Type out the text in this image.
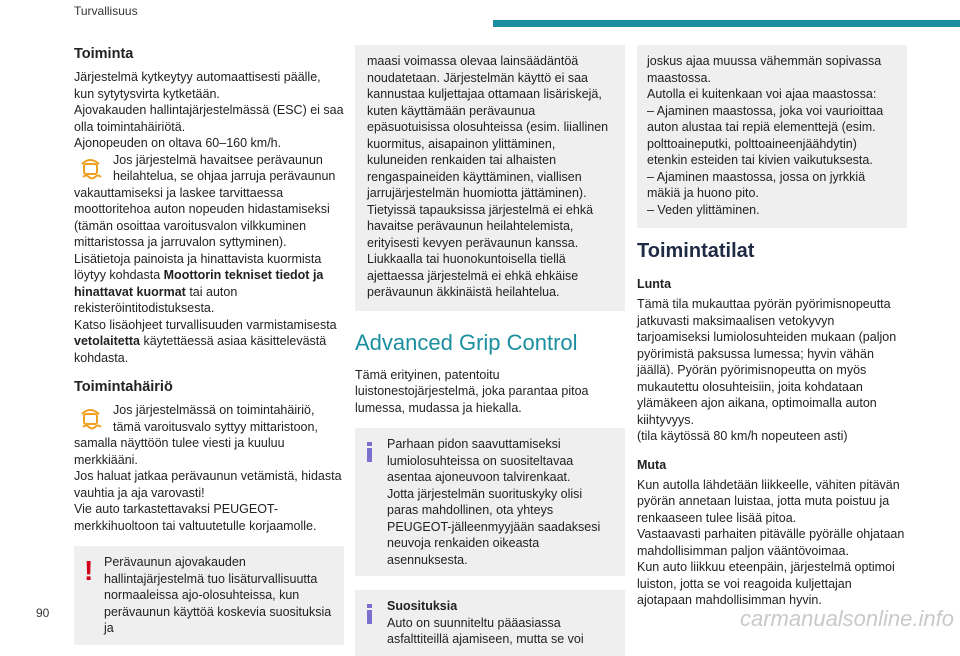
Turvallisuus
Toiminta

Järjestelmä kytkeytyy automaattisesti päälle, kun sytytysvirta kytketään.

Ajovakauden hallintajärjestelmässä (ESC) ei saa olla toimintahäiriötä.

Ajonopeuden on oltava 60–160 km/h.

Jos järjestelmä havaitsee perävaunun heilahtelua, se ohjaa jarruja perävaunun vakauttamiseksi ja laskee tarvittaessa moottoritehoa auton nopeuden hidastamiseksi (tämän osoittaa varoitusvalon vilkkuminen mittaristossa ja jarruvalon syttyminen).

Lisätietoja painoista ja hinattavista kuormista löytyy kohdasta Moottorin tekniset tiedot ja hinattavat kuormat tai auton rekisteröintitodistuksesta.

Katso lisäohjeet turvallisuuden varmistamisesta vetolaitetta käytettäessä asiaa käsittelevästä kohdasta.

Toimintahäiriö

Jos järjestelmässä on toimintahäiriö, tämä varoitusvalo syttyy mittaristoon, samalla näyttöön tulee viesti ja kuuluu merkkiääni.

Jos haluat jatkaa perävaunun vetämistä, hidasta vauhtia ja aja varovasti!

Vie auto tarkastettavaksi PEUGEOT-merkkihuoltoon tai valtuutetulle korjaamolle.

! Perävaunun ajovakauden hallintajärjestelmä tuo lisäturvallisuutta normaaleissa ajo-olosuhteissa, kun perävaunun käyttöä koskevia suosituksia ja

maasi voimassa olevaa lainsäädäntöä noudatetaan. Järjestelmän käyttö ei saa kannustaa kuljettajaa ottamaan lisäriskejä, kuten käyttämään perävaunua epäsuotuisissa olosuhteissa (esim. liiallinen kuormitus, aisapainon ylittäminen, kuluneiden renkaiden tai alhaisten rengaspaineiden käyttäminen, viallisen jarrujärjestelmän huomiotta jättäminen).

Tietyissä tapauksissa järjestelmä ei ehkä havaitse perävaunun heilahtelemista, erityisesti kevyen perävaunun kanssa.

Liukkaalla tai huonokuntoisella tiellä ajettaessa järjestelmä ei ehkä ehkäise perävaunun äkkinäistä heilahtelua.

Advanced Grip Control

Tämä erityinen, patentoitu luistonestojärjestelmä, joka parantaa pitoa lumessa, mudassa ja hiekalla.

Parhaan pidon saavuttamiseksi lumiolosuhteissa on suositeltavaa asentaa ajoneuvoon talvirenkaat.

Jotta järjestelmän suorituskyky olisi paras mahdollinen, ota yhteys PEUGEOT-jälleenmyyjään saadaksesi neuvoja renkaiden oikeasta asennuksesta.

Suosituksia

Auto on suunniteltu pääasiassa asfalttiteillä ajamiseen, mutta se voi

joskus ajaa muussa vähemmän sopivassa maastossa.

Autolla ei kuitenkaan voi ajaa maastossa:

– Ajaminen maastossa, joka voi vaurioittaa auton alustaa tai repiä elementtejä (esim. polttoaineputki, polttoaineenjäähdytin) etenkin esteiden tai kivien vaikutuksesta.

– Ajaminen maastossa, jossa on jyrkkiä mäkiä ja huono pito.

– Veden ylittäminen.

Toimintatilat
Lunta

Tämä tila mukauttaa pyörän pyörimisnopeutta jatkuvasti maksimaalisen vetokyvyn tarjoamiseksi lumiolosuhteiden mukaan (paljon pyörimistä paksussa lumessa; hyvin vähän jäällä). Pyörän pyörimisnopeutta on myös mukautettu olosuhteisiin, joita kohdataan ylämäkeen ajon aikana, optimoimalla auton kiihtyvyys.

(tila käytössä 80 km/h nopeuteen asti)

Muta

Kun autolla lähdetään liikkeelle, vähiten pitävän pyörän annetaan luistaa, jotta muta poistuu ja renkaaseen tulee lisää pitoa.

Vastaavasti parhaiten pitävälle pyörälle ohjataan mahdollisimman paljon vääntövoimaa.

Kun auto liikkuu eteenpäin, järjestelmä optimoi luiston, jotta se voi reagoida kuljettajan ajotapaan mahdollisimman hyvin.

90	carmanualsonline.info
